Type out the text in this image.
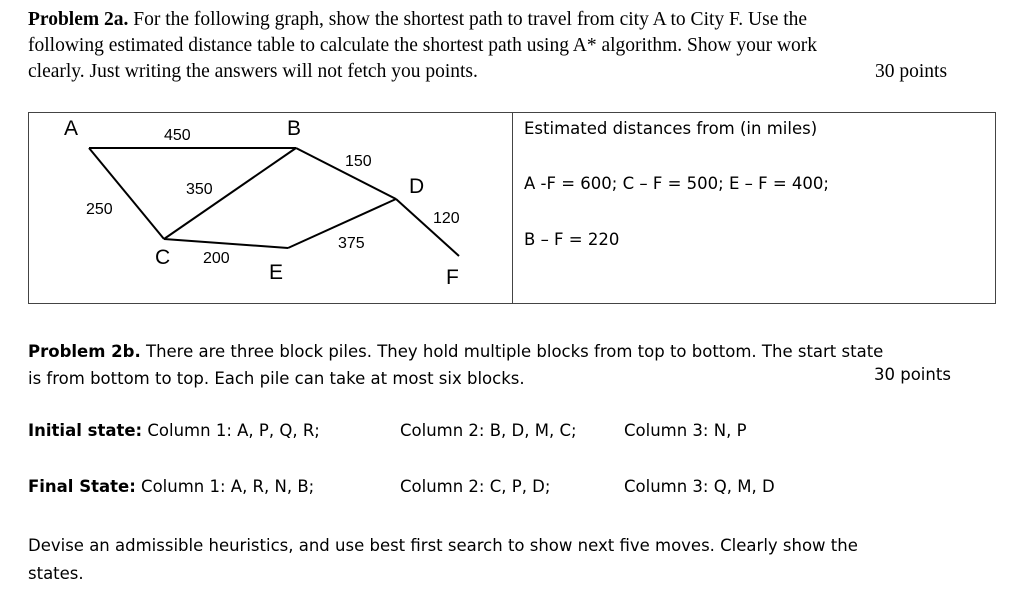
Problem 2a. For the following graph, show the shortest path to travel from city A to City F. Use the
following estimated distance table to calculate the shortest path using A* algorithm. Show your work
clearly. Just writing the answers will not fetch you points.	30 points
450
250
350
150
200
375
120
A	B
C
D
E	F
Estimated distances from (in miles)
A -F = 600; C – F = 500; E – F = 400;
B – F = 220
Problem 2b. There are three block piles. They hold multiple blocks from top to bottom. The start state
is from bottom to top. Each pile can take at most six blocks.	30 points
Initial state: Column 1: A, P, Q, R;	Column 2: B, D, M, C;	Column 3: N, P
Final State: Column 1: A, R, N, B;	Column 2: C, P, D;	Column 3: Q, M, D
Devise an admissible heuristics, and use best first search to show next five moves. Clearly show the
states.
